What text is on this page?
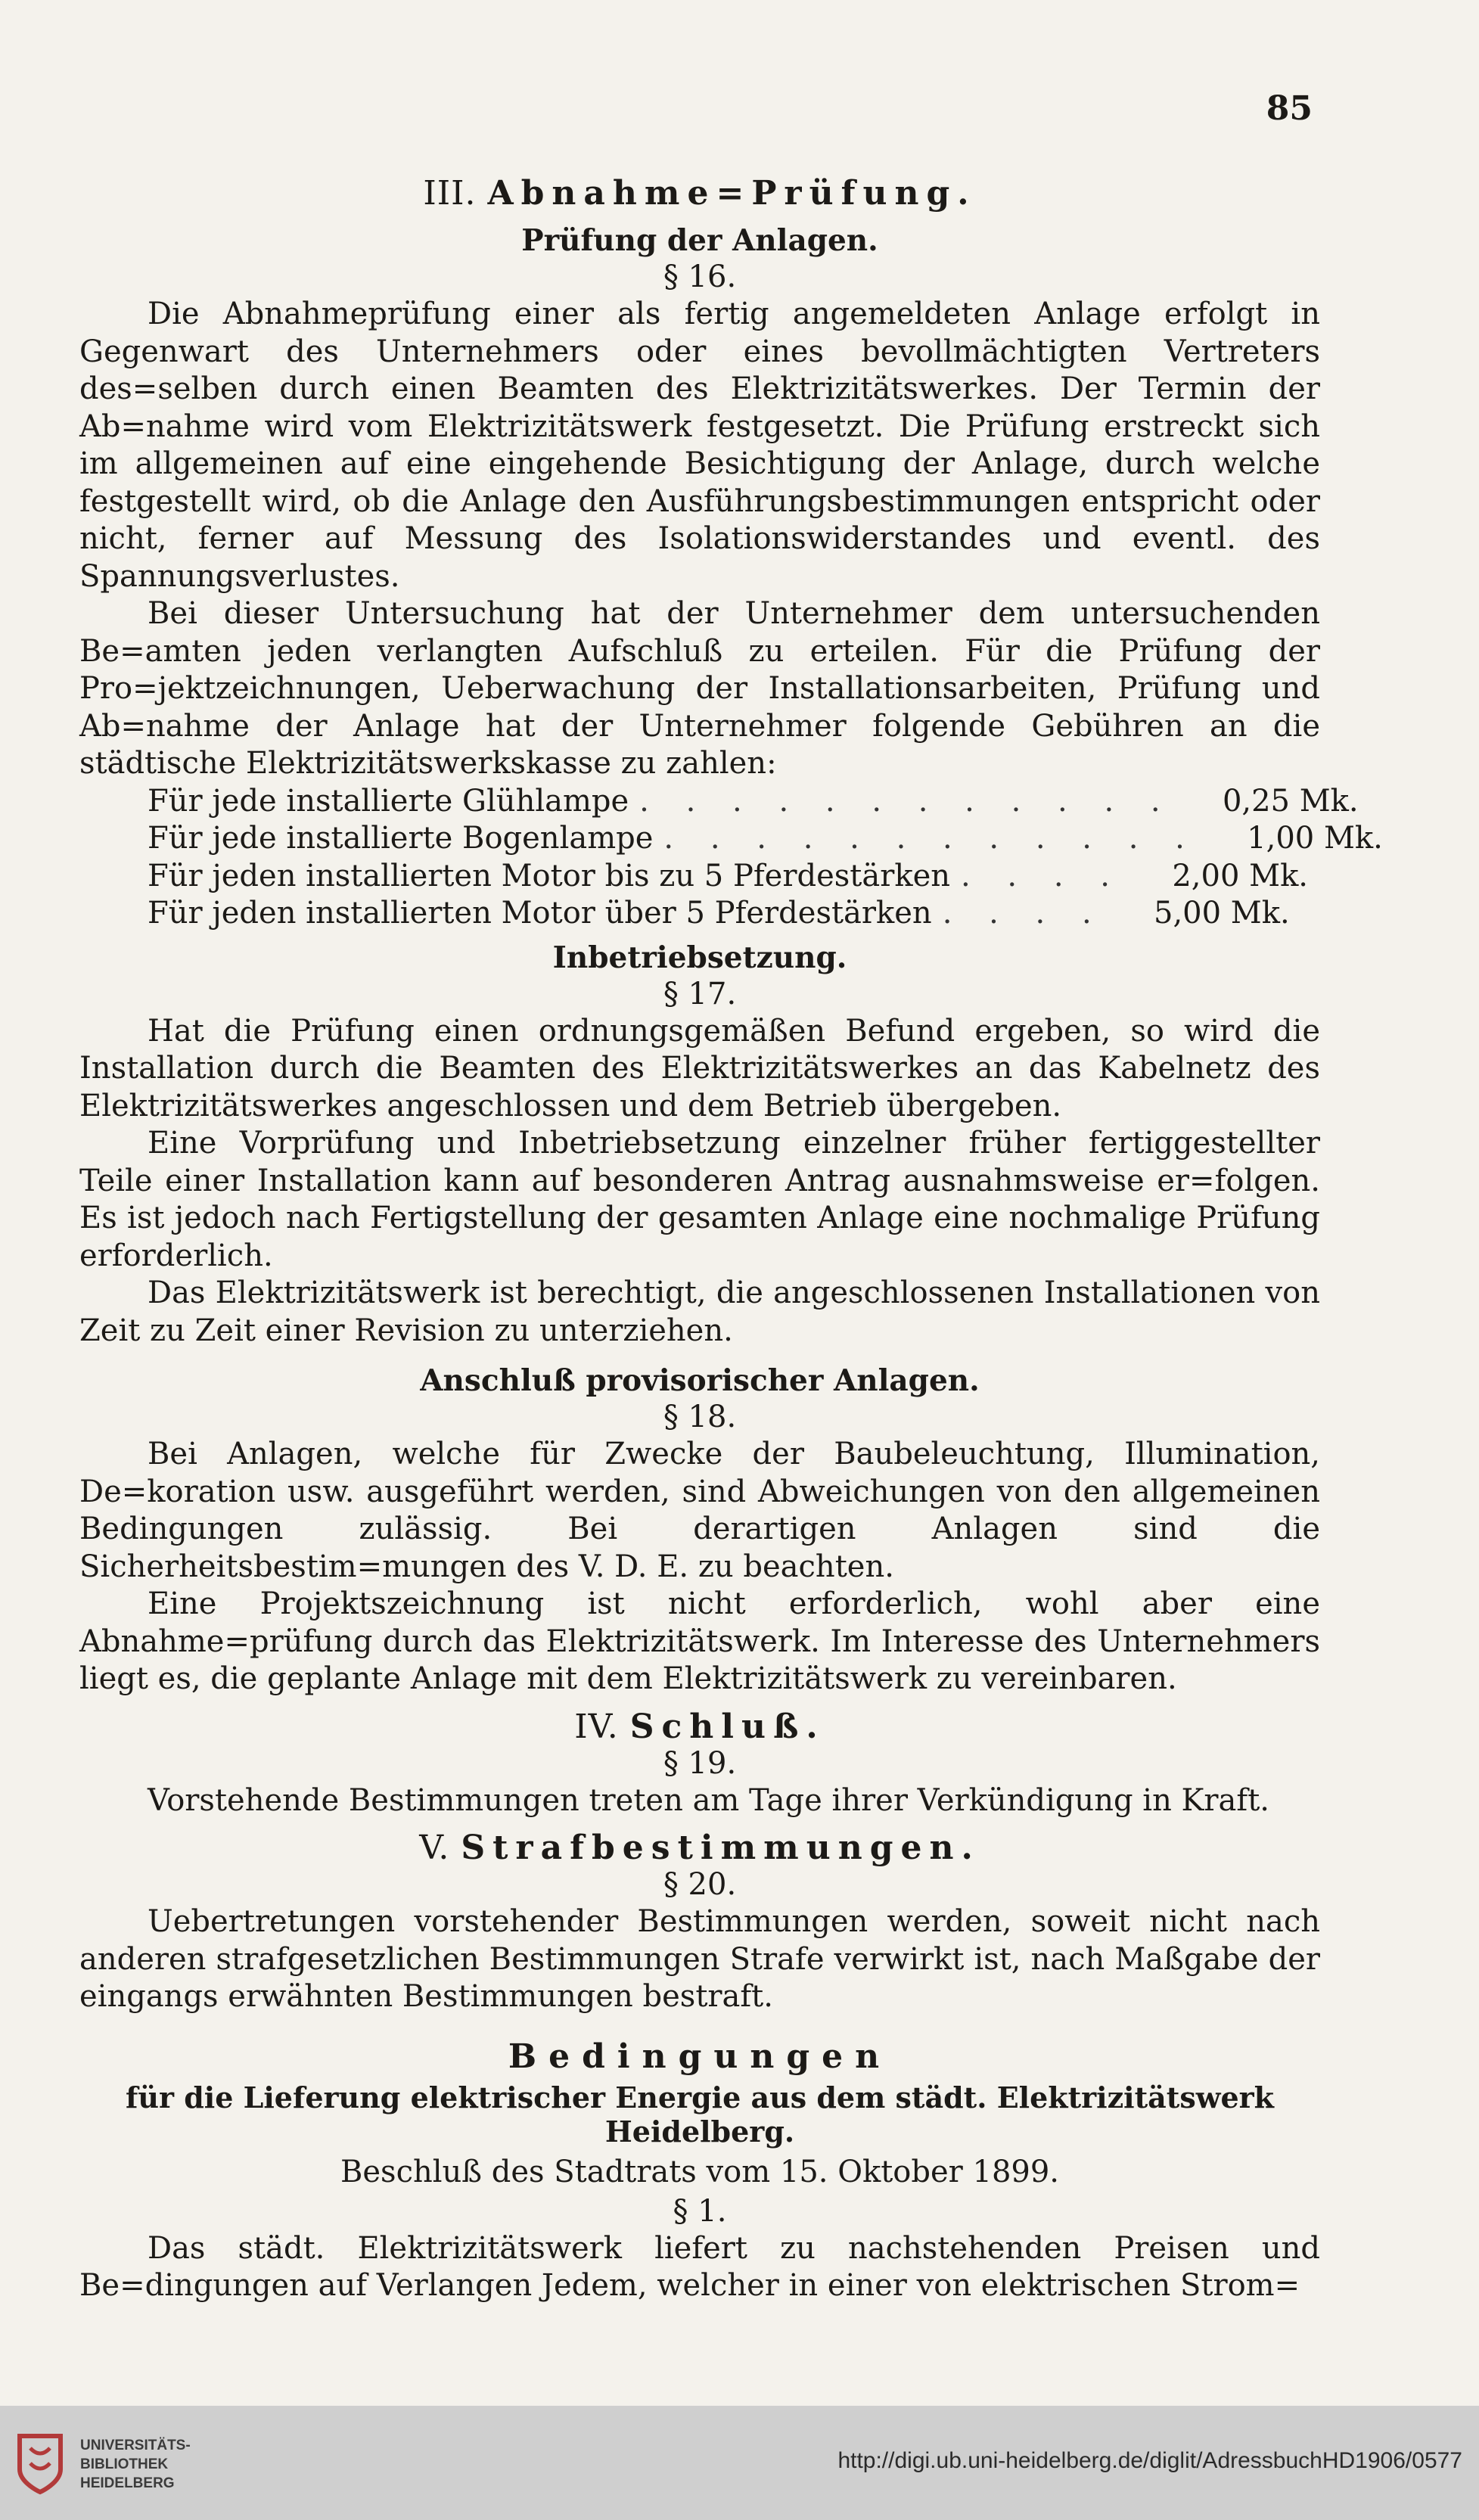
85
III. Abnahme=Prüfung.
Prüfung der Anlagen.
§ 16.

Die Abnahmeprüfung einer als fertig angemeldeten Anlage erfolgt in Gegenwart des Unternehmers oder eines bevollmächtigten Vertreters des=selben durch einen Beamten des Elektrizitätswerkes. Der Termin der Ab=nahme wird vom Elektrizitätswerk festgesetzt. Die Prüfung erstreckt sich im allgemeinen auf eine eingehende Besichtigung der Anlage, durch welche festgestellt wird, ob die Anlage den Ausführungsbestimmungen entspricht oder nicht, ferner auf Messung des Isolationswiderstandes und eventl. des Spannungsverlustes.

Bei dieser Untersuchung hat der Unternehmer dem untersuchenden Be=amten jeden verlangten Aufschluß zu erteilen. Für die Prüfung der Pro=jektzeichnungen, Ueberwachung der Installationsarbeiten, Prüfung und Ab=nahme der Anlage hat der Unternehmer folgende Gebühren an die städtische Elektrizitätswerkskasse zu zahlen:

Für jede installierte Glühlampe . . . . . . . . . . . .	0,25 Mk.
Für jede installierte Bogenlampe . . . . . . . . . . . .	1,00 Mk.
Für jeden installierten Motor bis zu 5 Pferdestärken . . . .	2,00 Mk.
Für jeden installierten Motor über 5 Pferdestärken . . . .	5,00 Mk.
Inbetriebsetzung.
§ 17.

Hat die Prüfung einen ordnungsgemäßen Befund ergeben, so wird die Installation durch die Beamten des Elektrizitätswerkes an das Kabelnetz des Elektrizitätswerkes angeschlossen und dem Betrieb übergeben.

Eine Vorprüfung und Inbetriebsetzung einzelner früher fertiggestellter Teile einer Installation kann auf besonderen Antrag ausnahmsweise er=folgen. Es ist jedoch nach Fertigstellung der gesamten Anlage eine nochmalige Prüfung erforderlich.

Das Elektrizitätswerk ist berechtigt, die angeschlossenen Installationen von Zeit zu Zeit einer Revision zu unterziehen.

Anschluß provisorischer Anlagen.
§ 18.

Bei Anlagen, welche für Zwecke der Baubeleuchtung, Illumination, De=koration usw. ausgeführt werden, sind Abweichungen von den allgemeinen Bedingungen zulässig. Bei derartigen Anlagen sind die Sicherheitsbestim=mungen des V. D. E. zu beachten.

Eine Projektszeichnung ist nicht erforderlich, wohl aber eine Abnahme=prüfung durch das Elektrizitätswerk. Im Interesse des Unternehmers liegt es, die geplante Anlage mit dem Elektrizitätswerk zu vereinbaren.

IV. Schluß.
§ 19.

Vorstehende Bestimmungen treten am Tage ihrer Verkündigung in Kraft.

V. Strafbestimmungen.
§ 20.

Uebertretungen vorstehender Bestimmungen werden, soweit nicht nach anderen strafgesetzlichen Bestimmungen Strafe verwirkt ist, nach Maßgabe der eingangs erwähnten Bestimmungen bestraft.

Bedingungen
für die Lieferung elektrischer Energie aus dem städt. Elektrizitätswerk
Heidelberg.
Beschluß des Stadtrats vom 15. Oktober 1899.
§ 1.

Das städt. Elektrizitätswerk liefert zu nachstehenden Preisen und Be=dingungen auf Verlangen Jedem, welcher in einer von elektrischen Strom=

UNIVERSITÄTS-
BIBLIOTHEK
HEIDELBERG
http://digi.ub.uni-heidelberg.de/diglit/AdressbuchHD1906/0577
